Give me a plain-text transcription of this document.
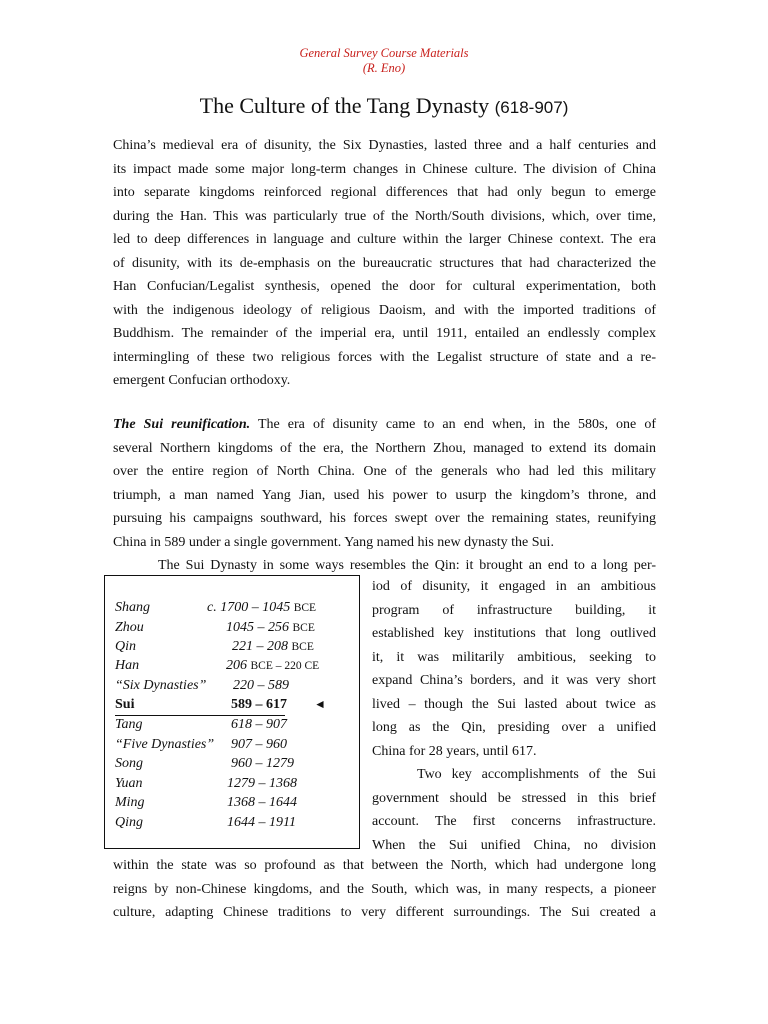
General Survey Course Materials
(R. Eno)
The Culture of the Tang Dynasty (618-907)
China’s medieval era of disunity, the Six Dynasties, lasted three and a half centuries and
its impact made some major long-term changes in Chinese culture. The division of China
into separate kingdoms reinforced regional differences that had only begun to emerge
during the Han. This was particularly true of the North/South divisions, which, over time,
led to deep differences in language and culture within the larger Chinese context. The era
of disunity, with its de-emphasis on the bureaucratic structures that had characterized the
Han Confucian/Legalist synthesis, opened the door for cultural experimentation, both
with the indigenous ideology of religious Daoism, and with the imported traditions of
Buddhism. The remainder of the imperial era, until 1911, entailed an endlessly complex
intermingling of these two religious forces with the Legalist structure of state and a re-
emergent Confucian orthodoxy.
The Sui reunification. The era of disunity came to an end when, in the 580s, one of
several Northern kingdoms of the era, the Northern Zhou, managed to extend its domain
over the entire region of North China. One of the generals who had led this military
triumph, a man named Yang Jian, used his power to usurp the kingdom’s throne, and
pursuing his campaigns southward, his forces swept over the remaining states, reunifying
China in 589 under a single government. Yang named his new dynasty the Sui.
The Sui Dynasty in some ways resembles the Qin: it brought an end to a long per-
Shang	c. 1700 – 1045 BCE
Zhou	1045 – 256 BCE
Qin	221 – 208 BCE
Han	206 BCE – 220 CE
“Six Dynasties” 220 – 589
Sui	589 – 617 ◄
Tang	618 – 907
“Five Dynasties” 907 – 960
Song	960 – 1279
Yuan	1279 – 1368
Ming	1368 – 1644
Qing	1644 – 1911
iod of disunity, it engaged in an ambitious
program of infrastructure building, it
established key institutions that long outlived
it, it was militarily ambitious, seeking to
expand China’s borders, and it was very short
lived – though the Sui lasted about twice as
long as the Qin, presiding over a unified
China for 28 years, until 617.
Two key accomplishments of the Sui
government should be stressed in this brief
account. The first concerns infrastructure.
When the Sui unified China, no division
within the state was so profound as that between the North, which had undergone long
reigns by non-Chinese kingdoms, and the South, which was, in many respects, a pioneer
culture, adapting Chinese traditions to very different surroundings. The Sui created a
